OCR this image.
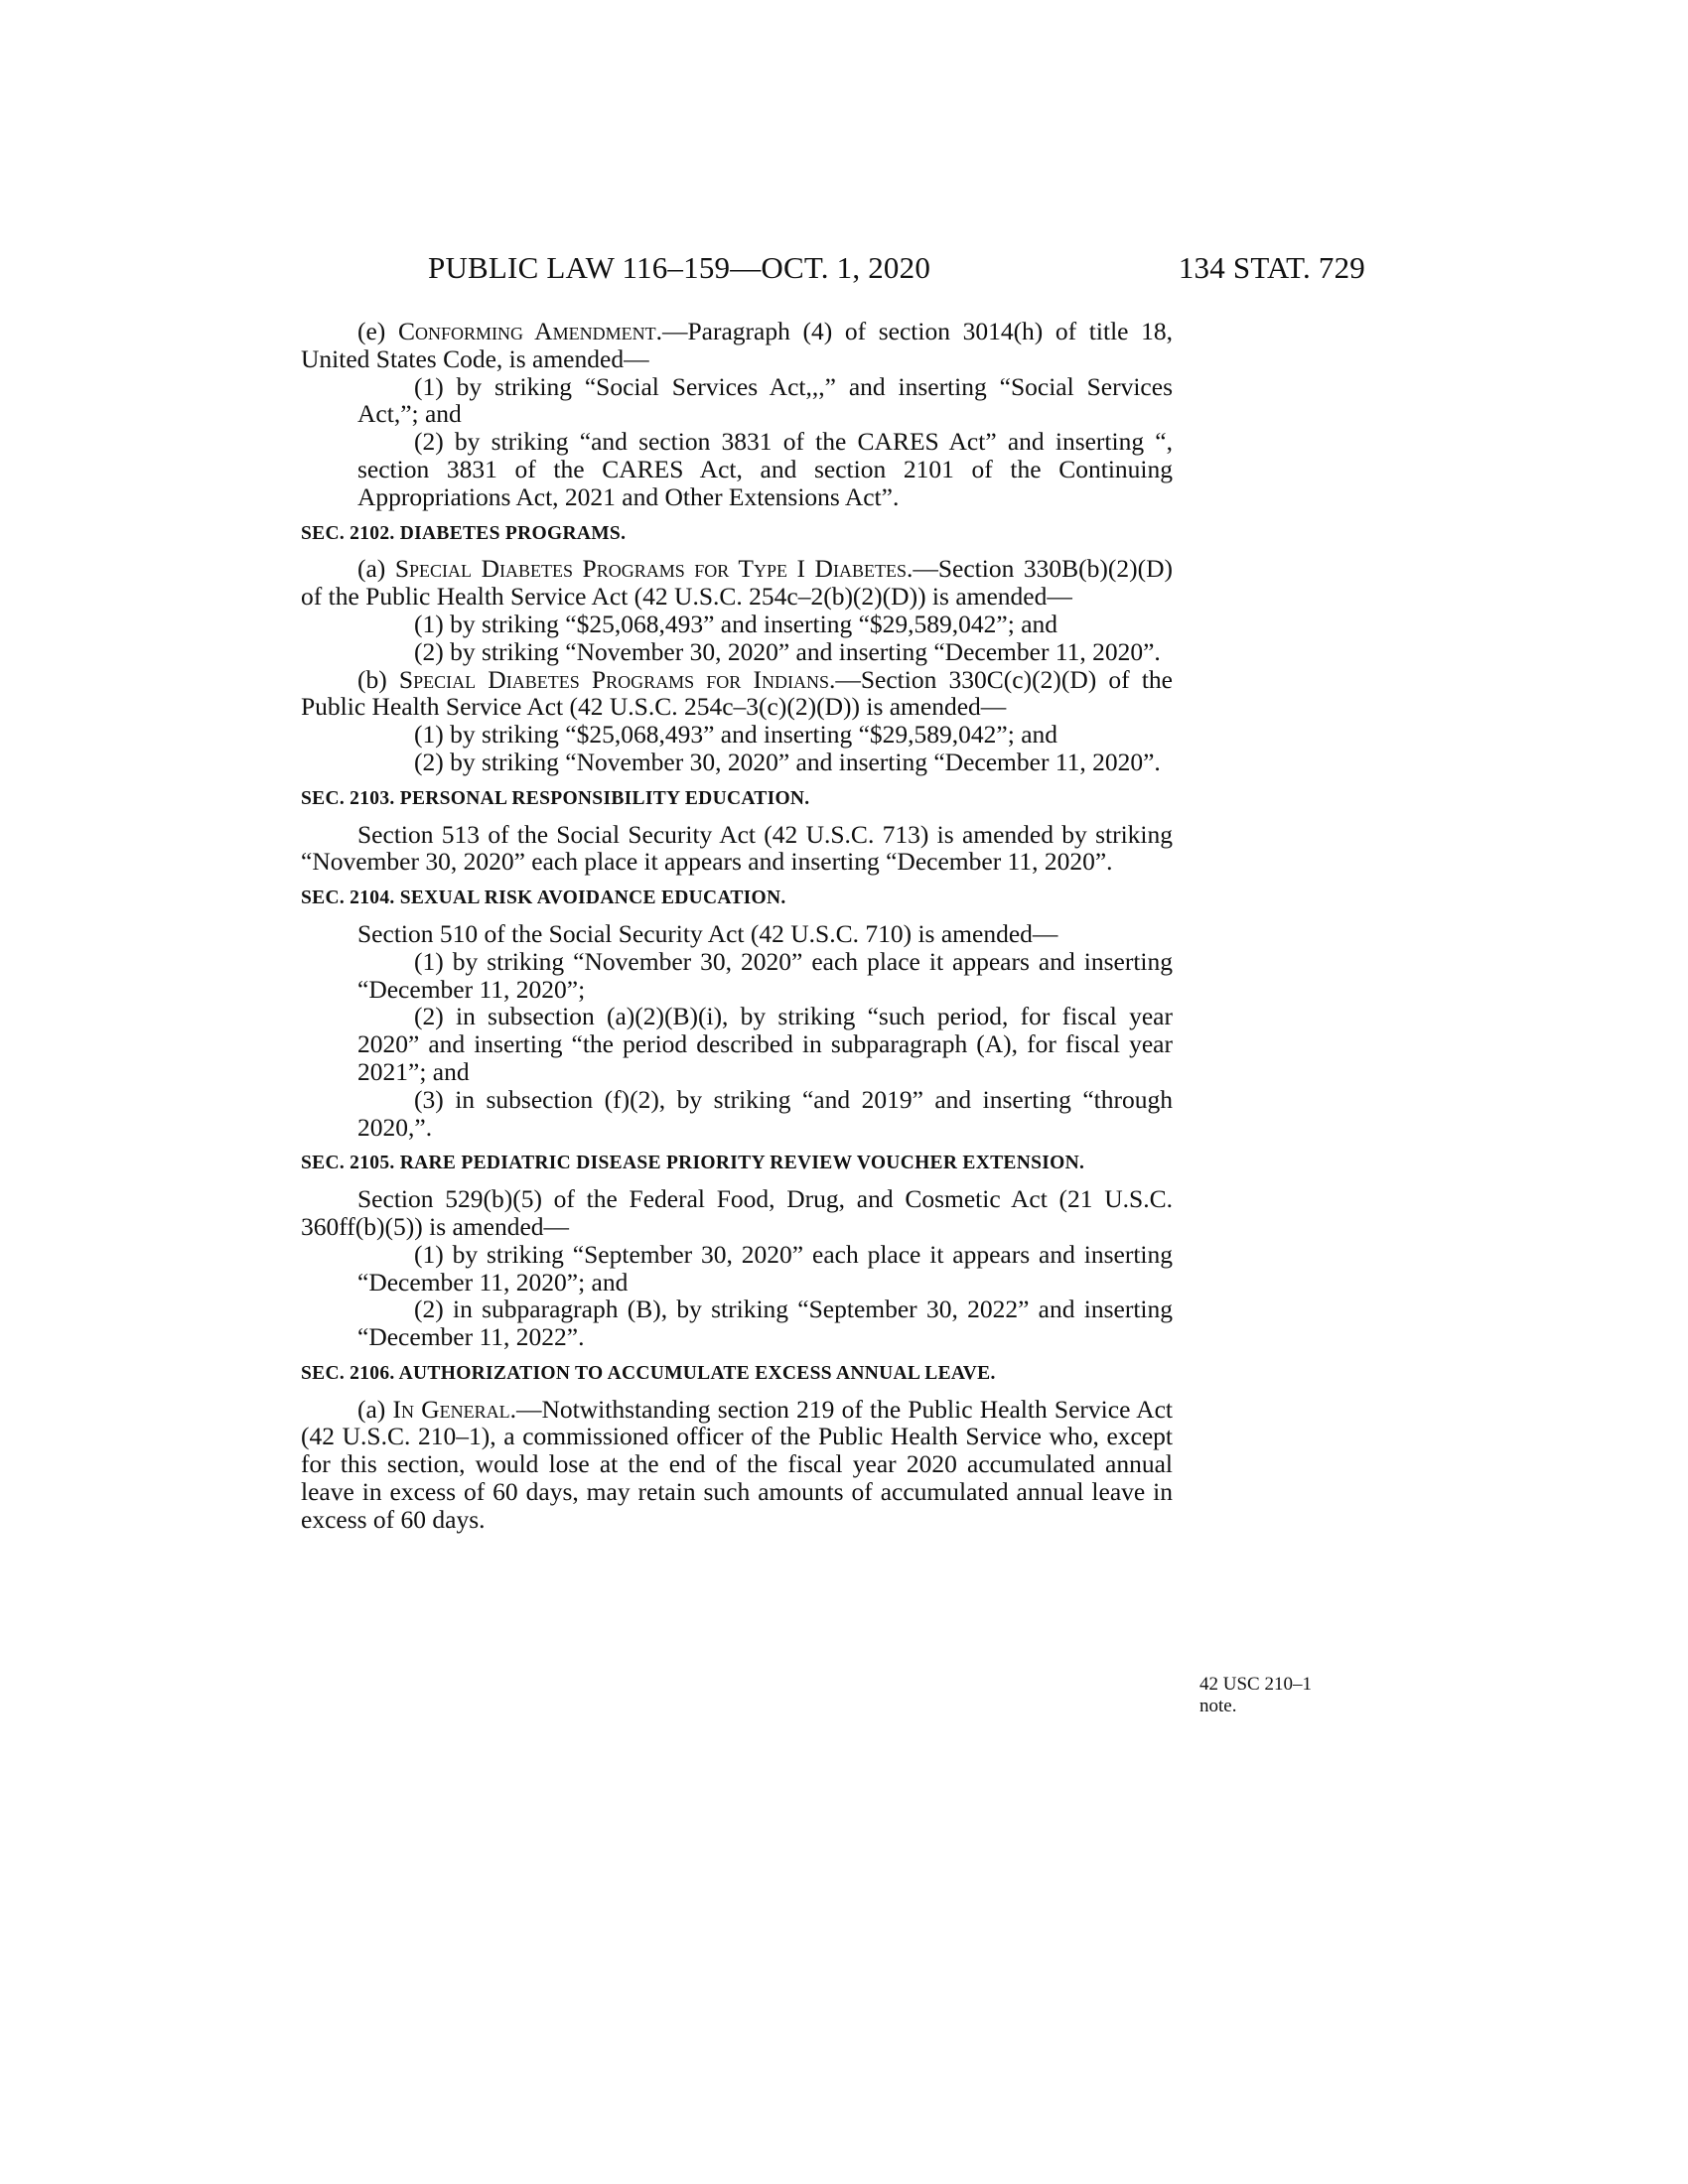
PUBLIC LAW 116–159—OCT. 1, 2020	134 STAT. 729

(e) Conforming Amendment.—Paragraph (4) of section 3014(h) of title 18, United States Code, is amended—

(1) by striking “Social Services Act,,,” and inserting “Social Services Act,”; and

(2) by striking “and section 3831 of the CARES Act” and inserting “, section 3831 of the CARES Act, and section 2101 of the Continuing Appropriations Act, 2021 and Other Extensions Act”.

SEC. 2102. DIABETES PROGRAMS.

(a) Special Diabetes Programs for Type I Diabetes.—Section 330B(b)(2)(D) of the Public Health Service Act (42 U.S.C. 254c–2(b)(2)(D)) is amended—

(1) by striking “$25,068,493” and inserting “$29,589,042”; and

(2) by striking “November 30, 2020” and inserting “December 11, 2020”.

(b) Special Diabetes Programs for Indians.—Section 330C(c)(2)(D) of the Public Health Service Act (42 U.S.C. 254c–3(c)(2)(D)) is amended—

(1) by striking “$25,068,493” and inserting “$29,589,042”; and

(2) by striking “November 30, 2020” and inserting “December 11, 2020”.

SEC. 2103. PERSONAL RESPONSIBILITY EDUCATION.

Section 513 of the Social Security Act (42 U.S.C. 713) is amended by striking “November 30, 2020” each place it appears and inserting “December 11, 2020”.

SEC. 2104. SEXUAL RISK AVOIDANCE EDUCATION.

Section 510 of the Social Security Act (42 U.S.C. 710) is amended—

(1) by striking “November 30, 2020” each place it appears and inserting “December 11, 2020”;

(2) in subsection (a)(2)(B)(i), by striking “such period, for fiscal year 2020” and inserting “the period described in subparagraph (A), for fiscal year 2021”; and

(3) in subsection (f)(2), by striking “and 2019” and inserting “through 2020,”.

SEC. 2105. RARE PEDIATRIC DISEASE PRIORITY REVIEW VOUCHER EXTENSION.

Section 529(b)(5) of the Federal Food, Drug, and Cosmetic Act (21 U.S.C. 360ff(b)(5)) is amended—

(1) by striking “September 30, 2020” each place it appears and inserting “December 11, 2020”; and

(2) in subparagraph (B), by striking “September 30, 2022” and inserting “December 11, 2022”.

SEC. 2106. AUTHORIZATION TO ACCUMULATE EXCESS ANNUAL LEAVE.

(a) In General.—Notwithstanding section 219 of the Public Health Service Act (42 U.S.C. 210–1), a commissioned officer of the Public Health Service who, except for this section, would lose at the end of the fiscal year 2020 accumulated annual leave in excess of 60 days, may retain such amounts of accumulated annual leave in excess of 60 days.

42 USC 210–1
note.
